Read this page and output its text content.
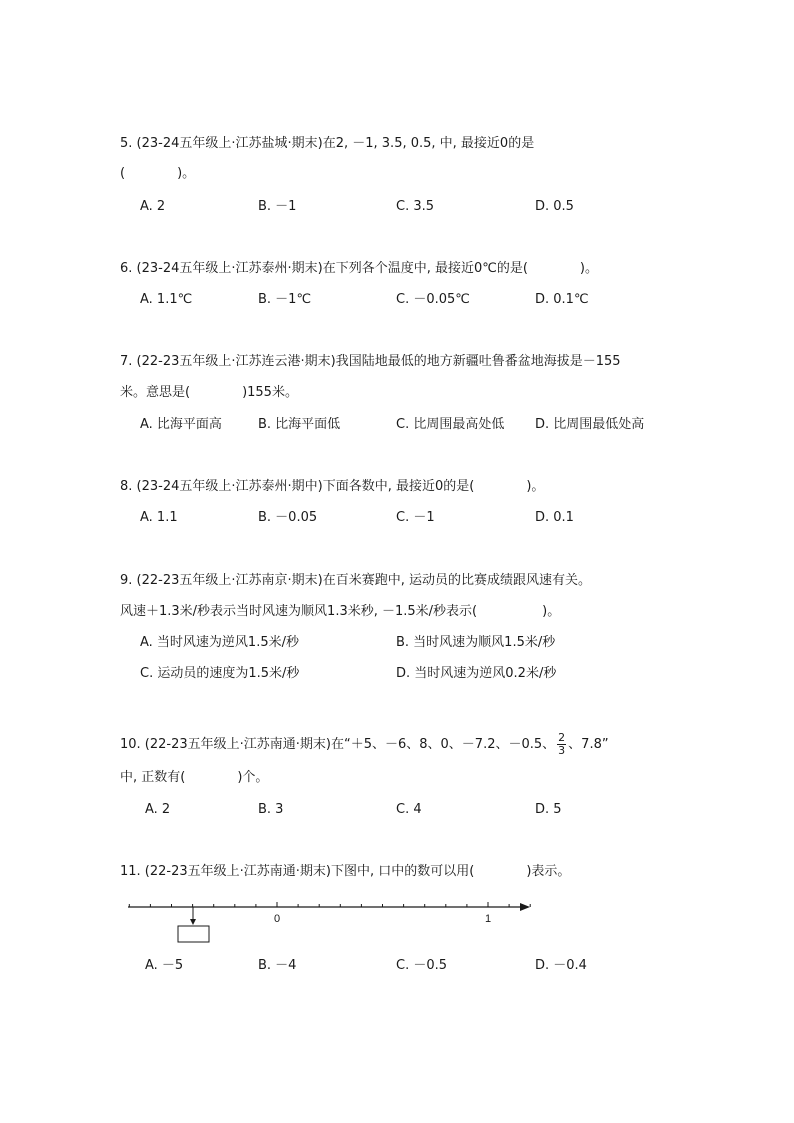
5. (23-24五年级上·江苏盐城·期末)在2, －1, 3.5, 0.5, 中, 最接近0的是
(　　　　)。
A. 2	B. －1	C. 3.5	D. 0.5
6. (23-24五年级上·江苏泰州·期末)在下列各个温度中, 最接近0℃的是(　　　　)。
A. 1.1℃	B. －1℃	C. －0.05℃	D. 0.1℃
7. (22-23五年级上·江苏连云港·期末)我国陆地最低的地方新疆吐鲁番盆地海拔是－155
米。意思是(　　　　)155米。
A. 比海平面高	B. 比海平面低	C. 比周围最高处低 D. 比周围最低处高
8. (23-24五年级上·江苏泰州·期中)下面各数中, 最接近0的是(　　　　)。
A. 1.1	B. －0.05	C. －1	D. 0.1
9. (22-23五年级上·江苏南京·期末)在百米赛跑中, 运动员的比赛成绩跟风速有关。
风速＋1.3米/秒表示当时风速为顺风1.3米秒, －1.5米/秒表示(　　　　　)。
A. 当时风速为逆风1.5米/秒	B. 当时风速为顺风1.5米/秒
C. 运动员的速度为1.5米/秒	D. 当时风速为逆风0.2米/秒
10. (22-23五年级上·江苏南通·期末)在“＋5、－6、8、0、－7.2、－0.5、 $\frac{2}{3}$ 、7.8”
中, 正数有(　　　　)个。
A. 2	B. 3	C. 4	D. 5
11. (22-23五年级上·江苏南通·期末)下图中, 口中的数可以用(　　　　)表示。
0	1
A. －5	B. －4	C. －0.5	D. －0.4
